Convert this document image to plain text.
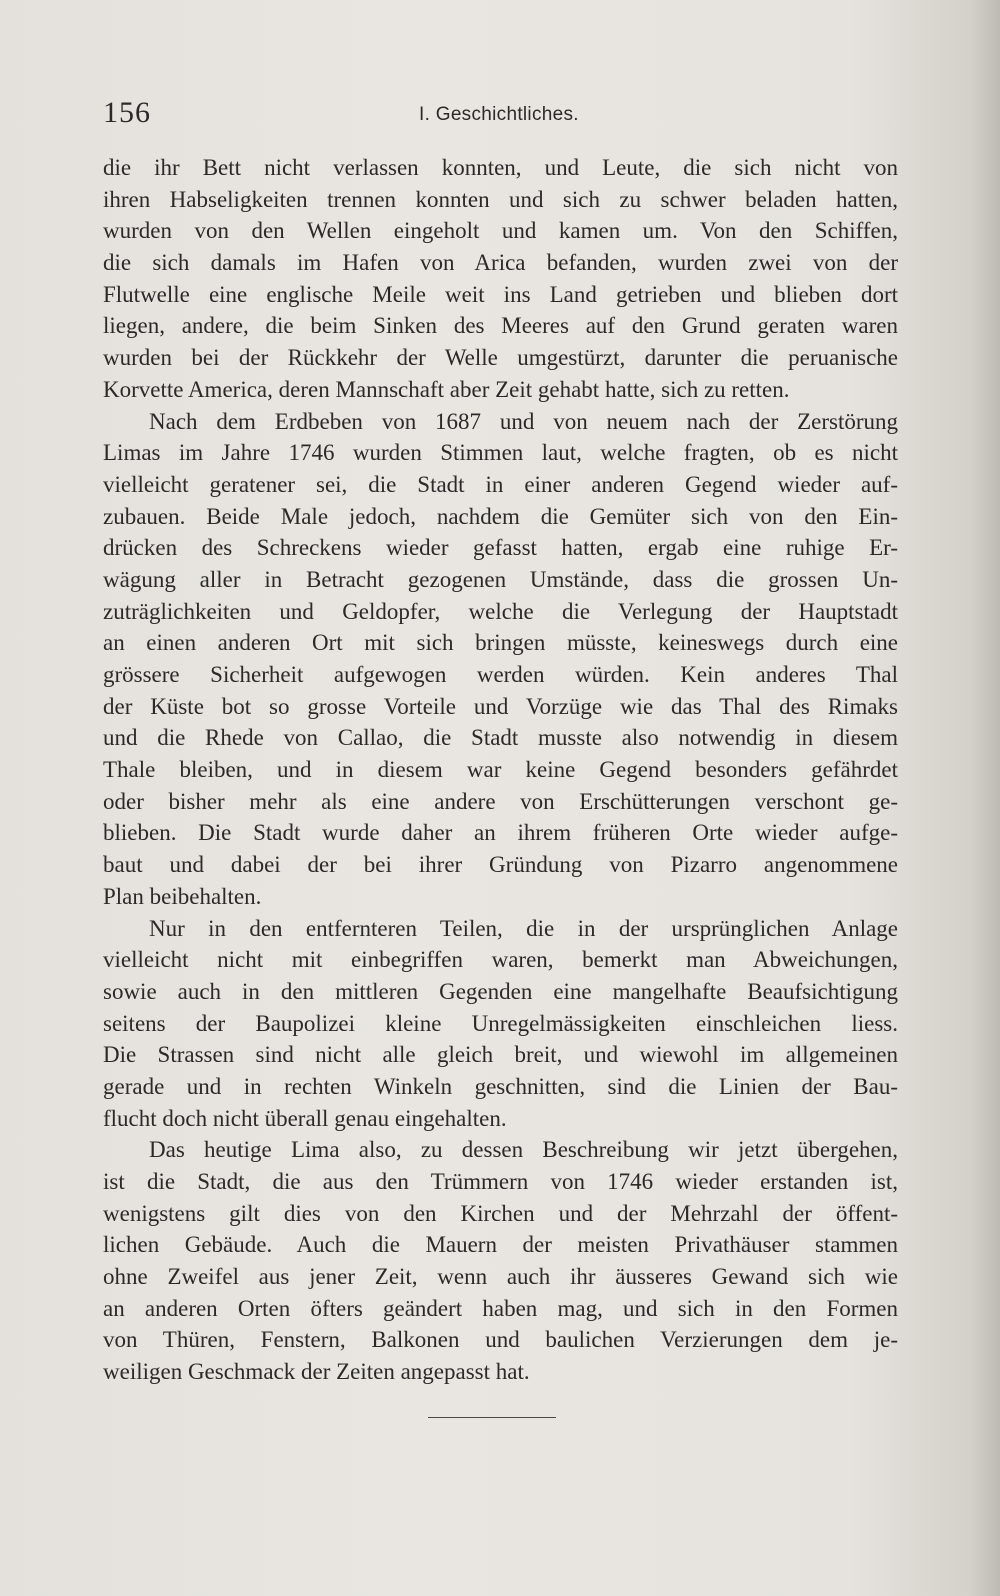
156	I. Geschichtliches.
die ihr Bett nicht verlassen konnten, und Leute, die sich nicht von
ihren Habseligkeiten trennen konnten und sich zu schwer beladen hatten,
wurden von den Wellen eingeholt und kamen um. Von den Schiffen,
die sich damals im Hafen von Arica befanden, wurden zwei von der
Flutwelle eine englische Meile weit ins Land getrieben und blieben dort
liegen, andere, die beim Sinken des Meeres auf den Grund geraten waren
wurden bei der Rückkehr der Welle umgestürzt, darunter die peruanische
Korvette America, deren Mannschaft aber Zeit gehabt hatte, sich zu retten.
Nach dem Erdbeben von 1687 und von neuem nach der Zerstörung
Limas im Jahre 1746 wurden Stimmen laut, welche fragten, ob es nicht
vielleicht geratener sei, die Stadt in einer anderen Gegend wieder auf-
zubauen. Beide Male jedoch, nachdem die Gemüter sich von den Ein-
drücken des Schreckens wieder gefasst hatten, ergab eine ruhige Er-
wägung aller in Betracht gezogenen Umstände, dass die grossen Un-
zuträglichkeiten und Geldopfer, welche die Verlegung der Hauptstadt
an einen anderen Ort mit sich bringen müsste, keineswegs durch eine
grössere Sicherheit aufgewogen werden würden. Kein anderes Thal
der Küste bot so grosse Vorteile und Vorzüge wie das Thal des Rimaks
und die Rhede von Callao, die Stadt musste also notwendig in diesem
Thale bleiben, und in diesem war keine Gegend besonders gefährdet
oder bisher mehr als eine andere von Erschütterungen verschont ge-
blieben. Die Stadt wurde daher an ihrem früheren Orte wieder aufge-
baut und dabei der bei ihrer Gründung von Pizarro angenommene
Plan beibehalten.
Nur in den entfernteren Teilen, die in der ursprünglichen Anlage
vielleicht nicht mit einbegriffen waren, bemerkt man Abweichungen,
sowie auch in den mittleren Gegenden eine mangelhafte Beaufsichtigung
seitens der Baupolizei kleine Unregelmässigkeiten einschleichen liess.
Die Strassen sind nicht alle gleich breit, und wiewohl im allgemeinen
gerade und in rechten Winkeln geschnitten, sind die Linien der Bau-
flucht doch nicht überall genau eingehalten.
Das heutige Lima also, zu dessen Beschreibung wir jetzt übergehen,
ist die Stadt, die aus den Trümmern von 1746 wieder erstanden ist,
wenigstens gilt dies von den Kirchen und der Mehrzahl der öffent-
lichen Gebäude. Auch die Mauern der meisten Privathäuser stammen
ohne Zweifel aus jener Zeit, wenn auch ihr äusseres Gewand sich wie
an anderen Orten öfters geändert haben mag, und sich in den Formen
von Thüren, Fenstern, Balkonen und baulichen Verzierungen dem je-
weiligen Geschmack der Zeiten angepasst hat.
